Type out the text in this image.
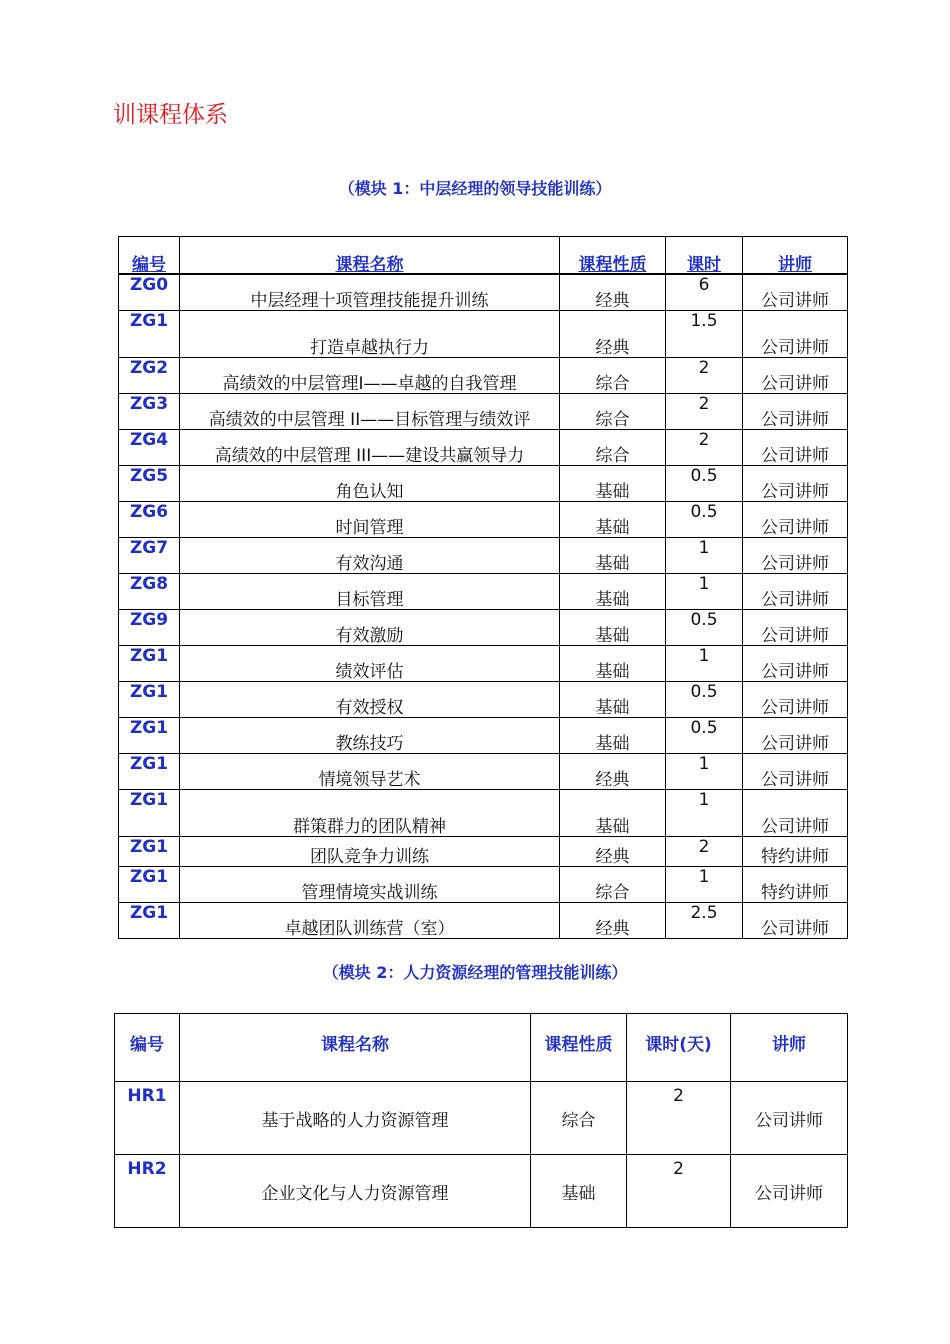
训课程体系
（模块 1：中层经理的领导技能训练）
编号	课程名称	课程性质	课时	讲师
ZG0	中层经理十项管理技能提升训练	经典	6	公司讲师
ZG1	打造卓越执行力	经典	1.5	公司讲师
ZG2	高绩效的中层管理Ⅰ——卓越的自我管理	综合	2	公司讲师
ZG3	高绩效的中层管理 II——目标管理与绩效评	综合	2	公司讲师
ZG4	高绩效的中层管理 III——建设共赢领导力	综合	2	公司讲师
ZG5	角色认知	基础	0.5	公司讲师
ZG6	时间管理	基础	0.5	公司讲师
ZG7	有效沟通	基础	1	公司讲师
ZG8	目标管理	基础	1	公司讲师
ZG9	有效激励	基础	0.5	公司讲师
ZG1	绩效评估	基础	1	公司讲师
ZG1	有效授权	基础	0.5	公司讲师
ZG1	教练技巧	基础	0.5	公司讲师
ZG1	情境领导艺术	经典	1	公司讲师
ZG1	群策群力的团队精神	基础	1	公司讲师
ZG1	团队竞争力训练	经典	2	特约讲师
ZG1	管理情境实战训练	综合	1	特约讲师
ZG1	卓越团队训练营（室）	经典	2.5	公司讲师
（模块 2：人力资源经理的管理技能训练）
编号	课程名称	课程性质	课时(天)	讲师
HR1	基于战略的人力资源管理	综合	2	公司讲师
HR2	企业文化与人力资源管理	基础	2	公司讲师
